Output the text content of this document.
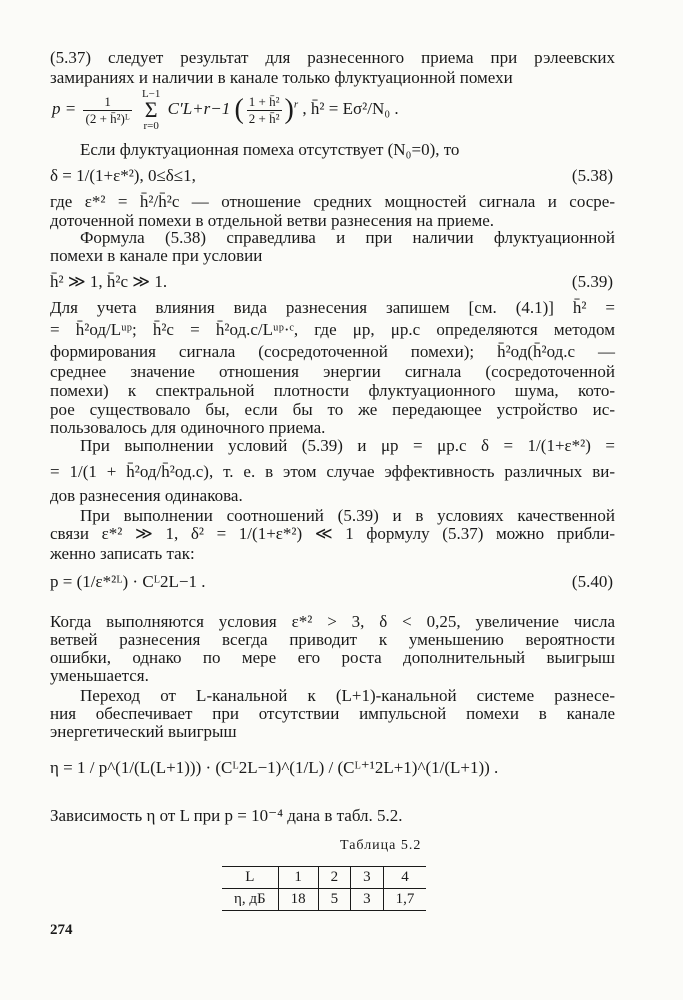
(5.37) следует результат для разнесенного приема при рэлеевских
замираниях и наличии в канале только флуктуационной помехи
$p = \frac{1}{\text{(2 + h̄²)ᴸ}}$
L−1
Σ
r=0
C′L+r−1 ( $\frac{\text{1 + h̄²}}{\text{2 + h̄²}} )^r$ , h̄² = Eσ²/N₀ .
Если флуктуационная помеха отсутствует (N₀=0), то
δ = 1/(1+ε*²), 0≤δ≤1,	(5.38)
где ε*² = h̄²/h̄²c — отношение средних мощностей сигнала и сосре-
доточенной помехи в отдельной ветви разнесения на приеме.
Формула (5.38) справедлива и при наличии флуктуационной
помехи в канале при условии
h̄² ≫ 1, h̄²c ≫ 1.	(5.39)
Для учета влияния вида разнесения запишем [см. (4.1)] h̄² =
= h̄²од/Lᵘᵖ; h̄²c = h̄²од.c/Lᵘᵖ·ᶜ, где μp, μp.c определяются методом
формирования сигнала (сосредоточенной помехи); h̄²од(h̄²од.c —
среднее значение отношения энергии сигнала (сосредоточенной
помехи) к спектральной плотности флуктуационного шума, кото-
рое существовало бы, если бы то же передающее устройство ис-
пользовалось для одиночного приема.
При выполнении условий (5.39) и μp = μp.c δ = 1/(1+ε*²) =
= 1/(1 + h̄²од/h̄²од.c), т. е. в этом случае эффективность различных ви-
дов разнесения одинакова.
При выполнении соотношений (5.39) и в условиях качественной
связи ε*² ≫ 1, δ² = 1/(1+ε*²) ≪ 1 формулу (5.37) можно прибли-
женно записать так:
p = (1/ε*²ᴸ) · Cᴸ2L−1 .	(5.40)
Когда выполняются условия ε*² > 3, δ < 0,25, увеличение числа
ветвей разнесения всегда приводит к уменьшению вероятности
ошибки, однако по мере его роста дополнительный выигрыш
уменьшается.
Переход от L-канальной к (L+1)-канальной системе разнесе-
ния обеспечивает при отсутствии импульсной помехи в канале
энергетический выигрыш
η = 1 / p^(1/(L(L+1))) · (Cᴸ2L−1)^(1/L) / (Cᴸ⁺¹2L+1)^(1/(L+1)) .
Зависимость η от L при p = 10⁻⁴ дана в табл. 5.2.
Таблица 5.2
L	1	2	3	4
η, дБ	18	5	3	1,7
274
